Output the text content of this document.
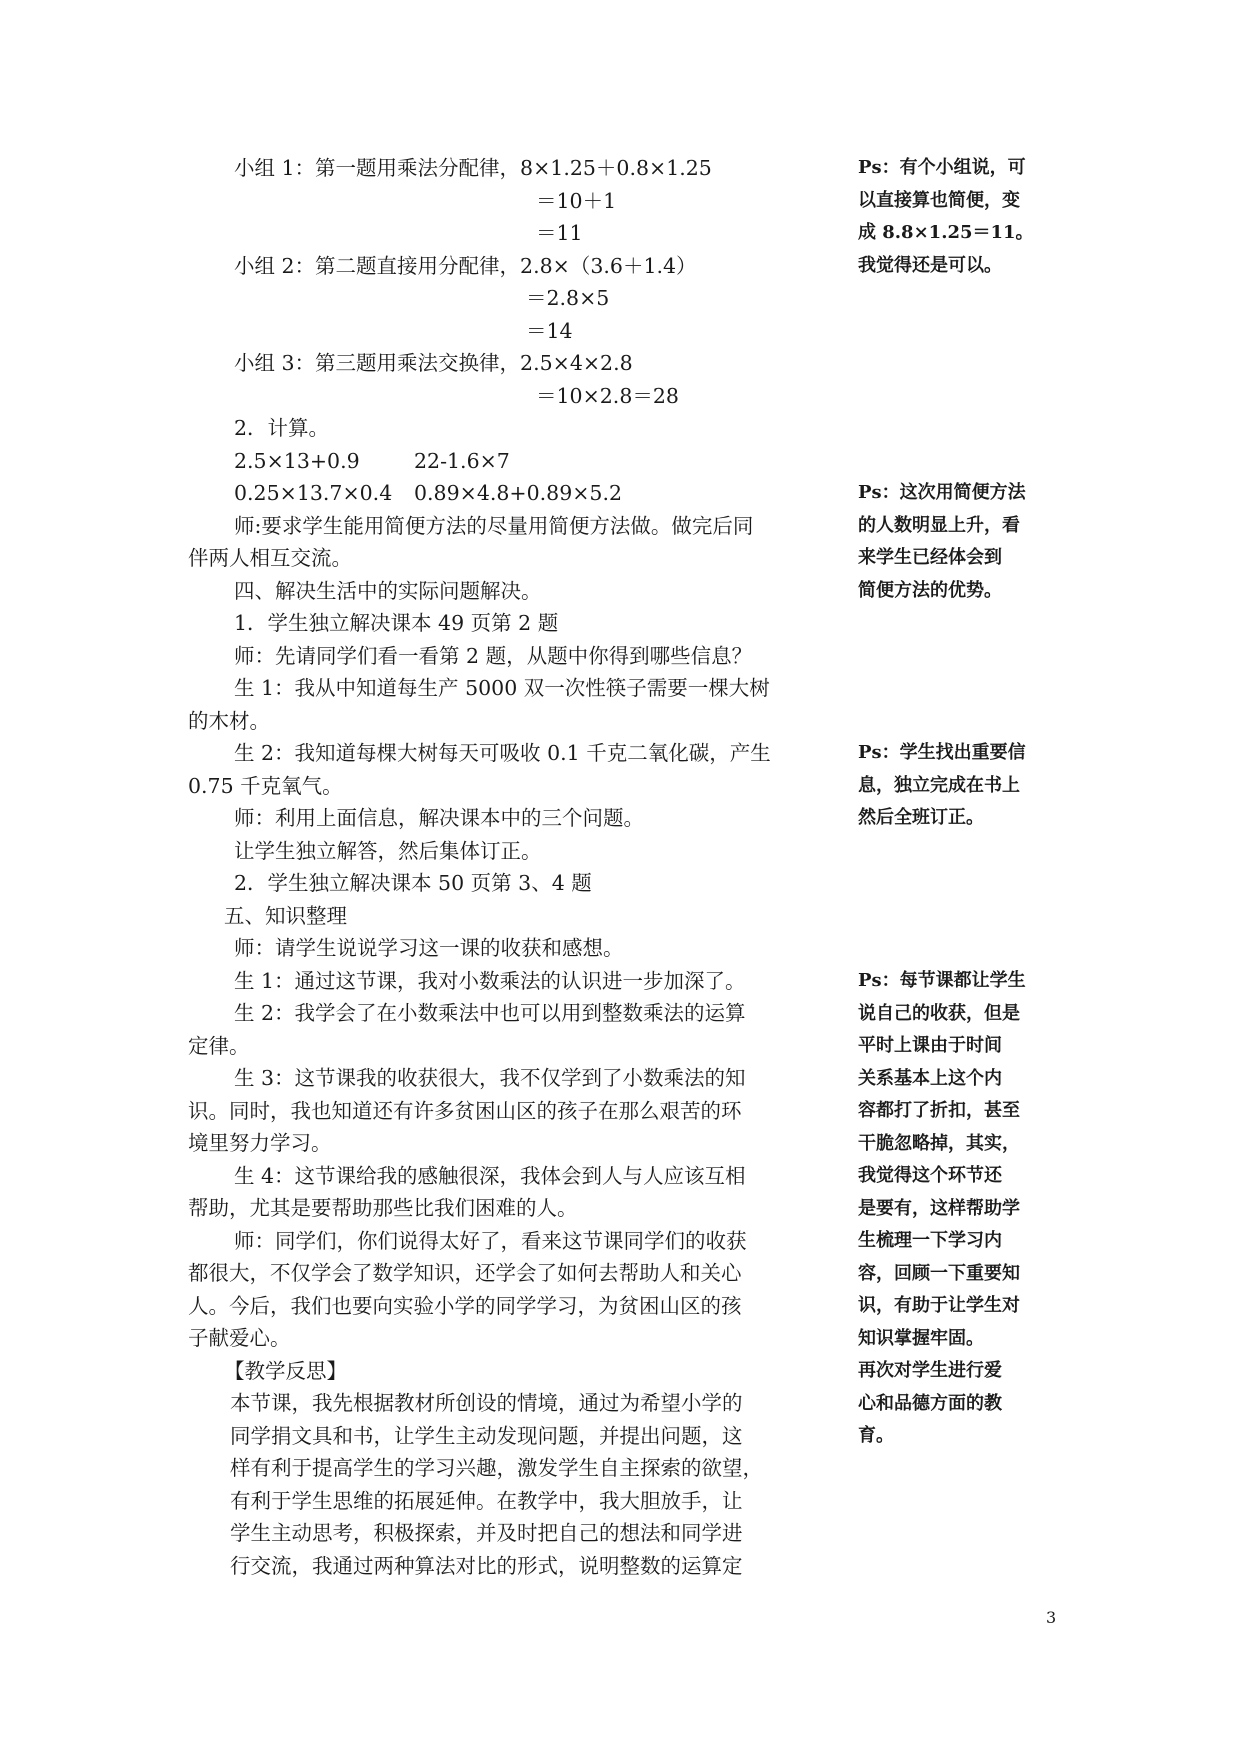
小组 1：第一题用乘法分配律，8×1.25＋0.8×1.25
＝10＋1
＝11
小组 2：第二题直接用分配律，2.8×（3.6＋1.4）
＝2.8×5
＝14
小组 3：第三题用乘法交换律，2.5×4×2.8
＝10×2.8＝28
2．计算。
2.5×13+0.9	22-1.6×7
0.25×13.7×0.4 0.89×4.8+0.89×5.2
师:要求学生能用简便方法的尽量用简便方法做。做完后同
伴两人相互交流。
四、解决生活中的实际问题解决。
1．学生独立解决课本 49 页第 2 题
师：先请同学们看一看第 2 题，从题中你得到哪些信息？
生 1：我从中知道每生产 5000 双一次性筷子需要一棵大树
的木材。
生 2：我知道每棵大树每天可吸收 0.1 千克二氧化碳，产生
0.75 千克氧气。
师：利用上面信息，解决课本中的三个问题。
让学生独立解答，然后集体订正。
2．学生独立解决课本 50 页第 3、4 题
五、知识整理
师：请学生说说学习这一课的收获和感想。
生 1：通过这节课，我对小数乘法的认识进一步加深了。
生 2：我学会了在小数乘法中也可以用到整数乘法的运算
定律。
生 3：这节课我的收获很大，我不仅学到了小数乘法的知
识。同时，我也知道还有许多贫困山区的孩子在那么艰苦的环
境里努力学习。
生 4：这节课给我的感触很深，我体会到人与人应该互相
帮助，尤其是要帮助那些比我们困难的人。
师：同学们，你们说得太好了，看来这节课同学们的收获
都很大，不仅学会了数学知识，还学会了如何去帮助人和关心
人。今后，我们也要向实验小学的同学学习，为贫困山区的孩
子献爱心。
【教学反思】
本节课，我先根据教材所创设的情境，通过为希望小学的
同学捐文具和书，让学生主动发现问题，并提出问题，这
样有利于提高学生的学习兴趣，激发学生自主探索的欲望，
有利于学生思维的拓展延伸。在教学中，我大胆放手，让
学生主动思考，积极探索，并及时把自己的想法和同学进
行交流，我通过两种算法对比的形式，说明整数的运算定
Ps：有个小组说，可
以直接算也简便，变
成 8.8×1.25＝11。
我觉得还是可以。
Ps：这次用简便方法
的人数明显上升，看
来学生已经体会到
简便方法的优势。
Ps：学生找出重要信
息，独立完成在书上
然后全班订正。
Ps：每节课都让学生
说自己的收获，但是
平时上课由于时间
关系基本上这个内
容都打了折扣，甚至
干脆忽略掉，其实，
我觉得这个环节还
是要有，这样帮助学
生梳理一下学习内
容，回顾一下重要知
识，有助于让学生对
知识掌握牢固。
再次对学生进行爱
心和品德方面的教
育。
3
